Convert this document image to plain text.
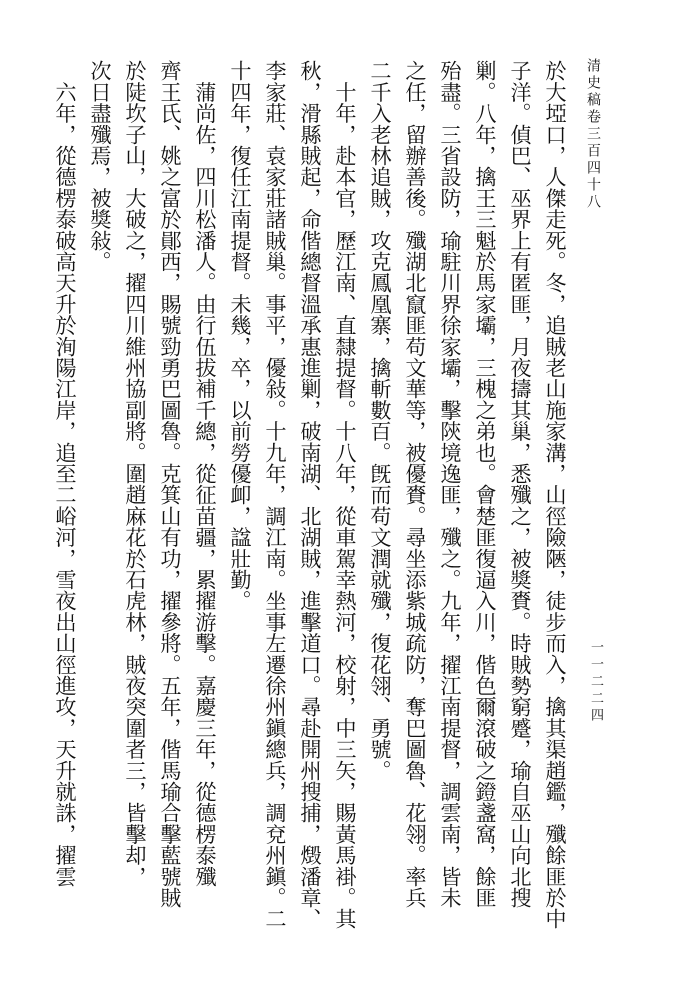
清史稿卷三百四十八
一一二二四
於大埡口，人傑走死。冬，追賊老山施家溝，山徑險陿，徒步而入，擒其渠趙鑑，殲餘匪於中
子洋。偵巴、巫界上有匿匪，月夜擣其巢，悉殲之，被獎賚。時賊勢窮蹙，瑜自巫山向北搜
剿。八年，擒王三魁於馬家壩，三槐之弟也。會楚匪復逼入川，偕色爾滾破之鐙盞窩，餘匪
殆盡。三省設防，瑜駐川界徐家壩，擊陝境逸匪，殲之。九年，擢江南提督，調雲南，皆未
之任，留辦善後。殲湖北竄匪苟文華等，被優賚。尋坐添紫城疏防，奪巴圖魯、花翎。率兵
二千入老林追賊，攻克鳳凰寨，擒斬數百。旣而苟文潤就殲，復花翎、勇號。
　十年，赴本官，歷江南、直隸提督。十八年，從車駕幸熱河，校射，中三矢，賜黃馬褂。其
秋，滑縣賊起，命偕總督溫承惠進剿，破南湖、北湖賊，進擊道口。尋赴開州搜捕，燬潘章、
李家莊、袁家莊諸賊巢。事平，優敍。十九年，調江南。坐事左遷徐州鎭總兵，調兗州鎭。二
十四年，復任江南提督。未幾，卒，以前勞優卹，諡壯勤。
　蒲尚佐，四川松潘人。由行伍拔補千總，從征苗疆，累擢游擊。嘉慶三年，從德楞泰殲
齊王氏、姚之富於鄖西，賜號勁勇巴圖魯。克箕山有功，擢參將。五年，偕馬瑜合擊藍號賊
於陡坎子山，大破之，擢四川維州協副將。圍趙麻花於石虎林，賊夜突圍者三，皆擊却，
次日盡殲焉，被獎敍。
　六年，從德楞泰破高天升於洵陽江岸，追至二峪河，雪夜出山徑進攻，天升就誅，擢雲
